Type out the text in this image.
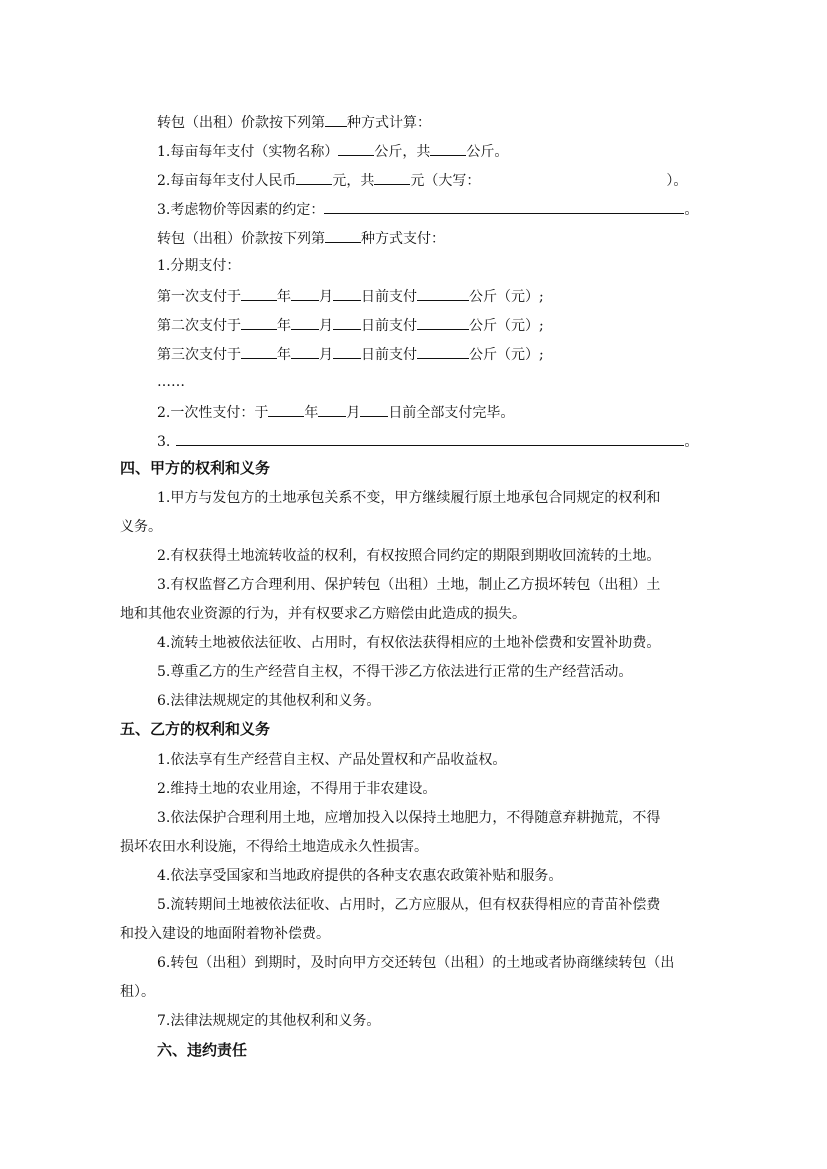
转包（出租）价款按下列第 种方式计算：
1.每亩每年支付（实物名称）	公斤，共	公斤。
2.每亩每年支付人民币	元，共	元（大写：	）。
3.考虑物价等因素的约定：	。
转包（出租）价款按下列第	种方式支付：
1.分期支付：
第一次支付于	年 月 日前支付	公斤（元）;
第二次支付于	年 月 日前支付	公斤（元）;
第三次支付于	年 月 日前支付	公斤（元）;
……
2.一次性支付：于	年 月 日前全部支付完毕。
3.	。
四、甲方的权利和义务
1.甲方与发包方的土地承包关系不变，甲方继续履行原土地承包合同规定的权利和
义务。
2.有权获得土地流转收益的权利，有权按照合同约定的期限到期收回流转的土地。
3.有权监督乙方合理利用、保护转包（出租）土地，制止乙方损坏转包（出租）土
地和其他农业资源的行为，并有权要求乙方赔偿由此造成的损失。
4.流转土地被依法征收、占用时，有权依法获得相应的土地补偿费和安置补助费。
5.尊重乙方的生产经营自主权，不得干涉乙方依法进行正常的生产经营活动。
6.法律法规规定的其他权利和义务。
五、乙方的权利和义务
1.依法享有生产经营自主权、产品处置权和产品收益权。
2.维持土地的农业用途，不得用于非农建设。
3.依法保护合理利用土地，应增加投入以保持土地肥力，不得随意弃耕抛荒，不得
损坏农田水利设施，不得给土地造成永久性损害。
4.依法享受国家和当地政府提供的各种支农惠农政策补贴和服务。
5.流转期间土地被依法征收、占用时，乙方应服从，但有权获得相应的青苗补偿费
和投入建设的地面附着物补偿费。
6.转包（出租）到期时，及时向甲方交还转包（出租）的土地或者协商继续转包（出
租）。
7.法律法规规定的其他权利和义务。
六、违约责任
